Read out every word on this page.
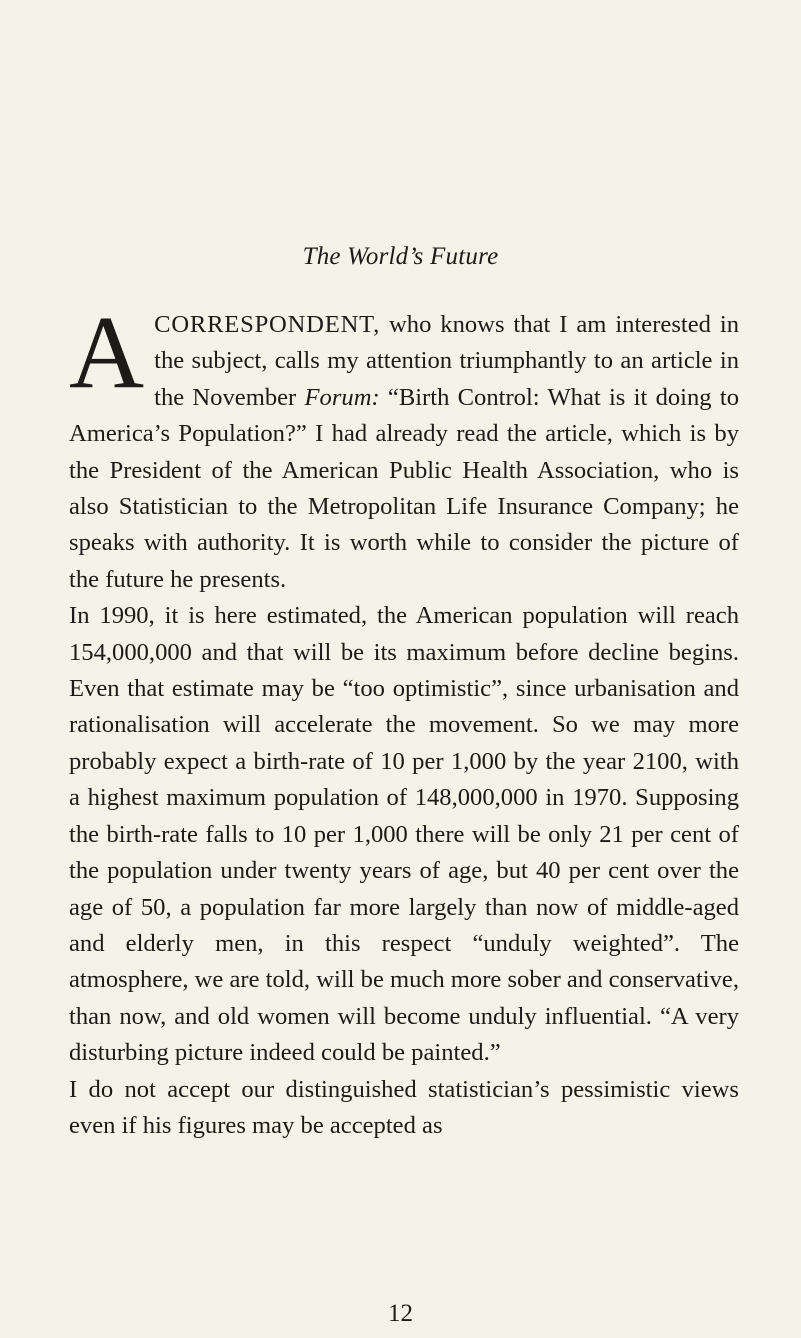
The World’s Future

ACORRESPONDENT, who knows that I am interested in the subject, calls my attention triumphantly to an article in the November Forum: “Birth Control: What is it doing to America’s Population?” I had already read the article, which is by the President of the American Public Health Association, who is also Statistician to the Metropolitan Life Insurance Company; he speaks with authority. It is worth while to consider the picture of the future he presents.

In 1990, it is here estimated, the American population will reach 154,000,000 and that will be its maximum before decline begins. Even that estimate may be “too optimistic”, since urbanisation and rationalisation will accelerate the movement. So we may more probably expect a birth-rate of 10 per 1,000 by the year 2100, with a highest maximum population of 148,000,000 in 1970. Supposing the birth-rate falls to 10 per 1,000 there will be only 21 per cent of the population under twenty years of age, but 40 per cent over the age of 50, a population far more largely than now of middle-aged and elderly men, in this respect “unduly weighted”. The atmosphere, we are told, will be much more sober and conservative, than now, and old women will become unduly influential. “A very disturbing picture indeed could be painted.”

I do not accept our distinguished statistician’s pessimistic views even if his figures may be accepted as

12
